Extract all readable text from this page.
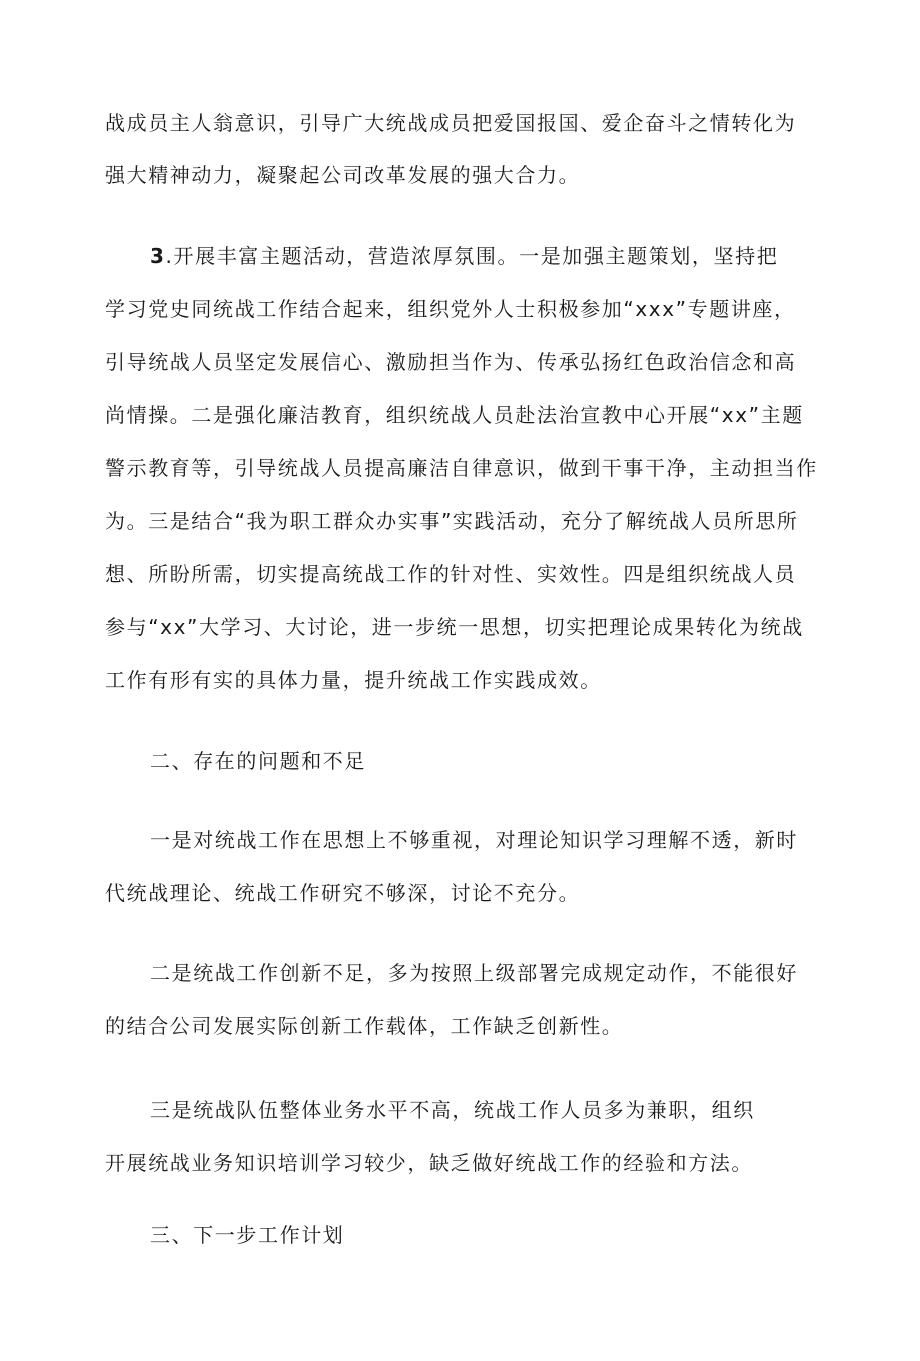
战成员主人翁意识，引导广大统战成员把爱国报国、爱企奋斗之情转化为
强大精神动力，凝聚起公司改革发展的强大合力。
3.开展丰富主题活动，营造浓厚氛围。一是加强主题策划，坚持把
学习党史同统战工作结合起来，组织党外人士积极参加“xxx”专题讲座，
引导统战人员坚定发展信心、激励担当作为、传承弘扬红色政治信念和高
尚情操。二是强化廉洁教育，组织统战人员赴法治宣教中心开展“xx”主题
警示教育等，引导统战人员提高廉洁自律意识，做到干事干净，主动担当作
为。三是结合“我为职工群众办实事”实践活动，充分了解统战人员所思所
想、所盼所需，切实提高统战工作的针对性、实效性。四是组织统战人员
参与“xx”大学习、大讨论，进一步统一思想，切实把理论成果转化为统战
工作有形有实的具体力量，提升统战工作实践成效。
二、存在的问题和不足
一是对统战工作在思想上不够重视，对理论知识学习理解不透，新时
代统战理论、统战工作研究不够深，讨论不充分。
二是统战工作创新不足，多为按照上级部署完成规定动作，不能很好
的结合公司发展实际创新工作载体，工作缺乏创新性。
三是统战队伍整体业务水平不高，统战工作人员多为兼职，组织
开展统战业务知识培训学习较少，缺乏做好统战工作的经验和方法。
三、下一步工作计划
